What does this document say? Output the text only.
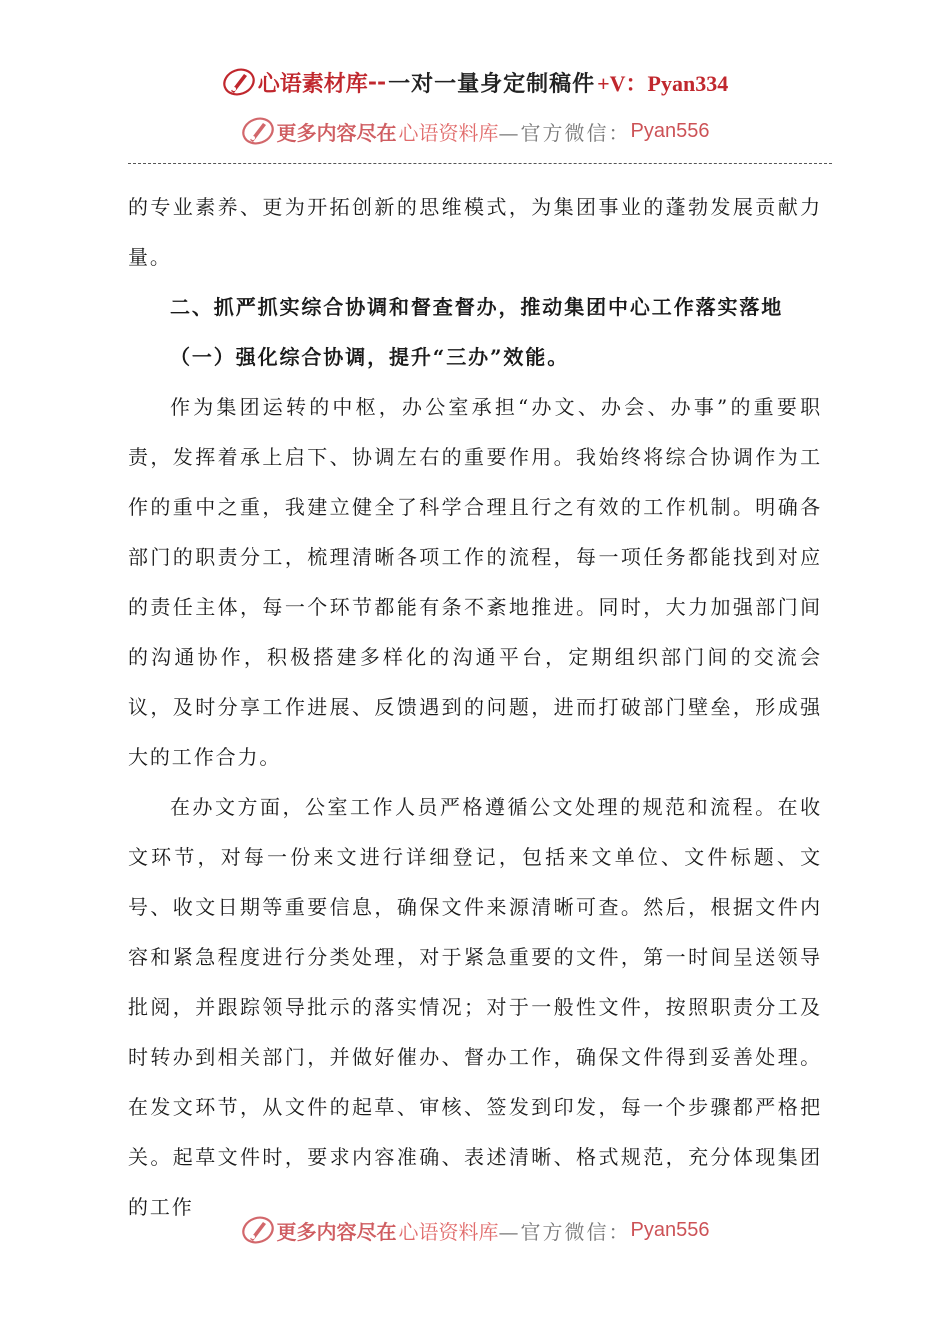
心语素材库 -- 一对一量身定制稿件 +V：Pyan334
更多内容尽在 心语资料库 —官方微信： Pyan556

的专业素养、更为开拓创新的思维模式，为集团事业的蓬勃发展贡献力量。

二、抓严抓实综合协调和督查督办，推动集团中心工作落实落地

（一）强化综合协调，提升“三办”效能。

作为集团运转的中枢，办公室承担“办文、办会、办事”的重要职责，发挥着承上启下、协调左右的重要作用。我始终将综合协调作为工作的重中之重，我建立健全了科学合理且行之有效的工作机制。明确各部门的职责分工，梳理清晰各项工作的流程，每一项任务都能找到对应的责任主体，每一个环节都能有条不紊地推进。同时，大力加强部门间的沟通协作，积极搭建多样化的沟通平台，定期组织部门间的交流会议，及时分享工作进展、反馈遇到的问题，进而打破部门壁垒，形成强大的工作合力。

在办文方面，公室工作人员严格遵循公文处理的规范和流程。在收文环节，对每一份来文进行详细登记，包括来文单位、文件标题、文号、收文日期等重要信息，确保文件来源清晰可查。然后，根据文件内容和紧急程度进行分类处理，对于紧急重要的文件，第一时间呈送领导批阅，并跟踪领导批示的落实情况；对于一般性文件，按照职责分工及时转办到相关部门，并做好催办、督办工作，确保文件得到妥善处理。在发文环节，从文件的起草、审核、签发到印发，每一个步骤都严格把关。起草文件时，要求内容准确、表述清晰、格式规范，充分体现集团的工作

更多内容尽在 心语资料库 —官方微信： Pyan556
